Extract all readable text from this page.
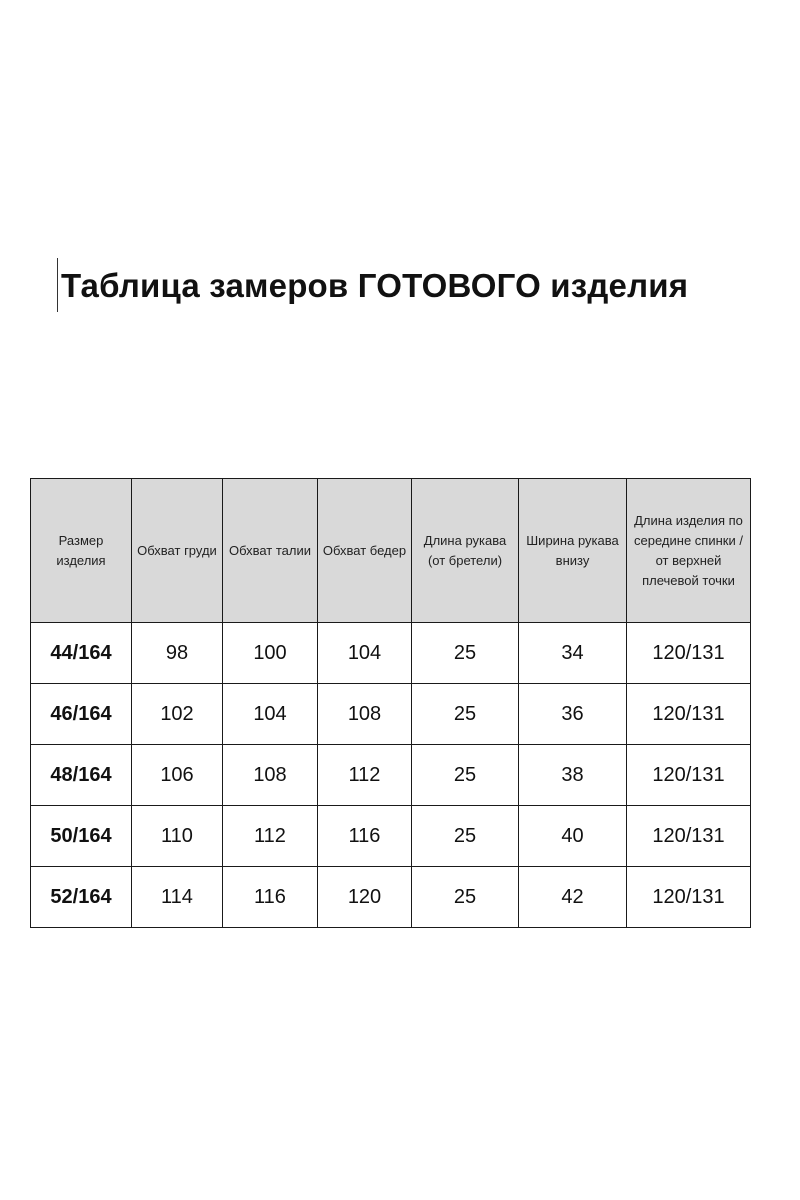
Таблица замеров ГОТОВОГО изделия
Размер изделия	Обхват груди	Обхват талии	Обхват бедер	Длина рукава (от бретели)	Ширина рукава внизу	Длина изделия по середине спинки / от верхней плечевой точки
44/164	98	100	104	25	34	120/131
46/164	102	104	108	25	36	120/131
48/164	106	108	112	25	38	120/131
50/164	110	112	116	25	40	120/131
52/164	114	116	120	25	42	120/131
